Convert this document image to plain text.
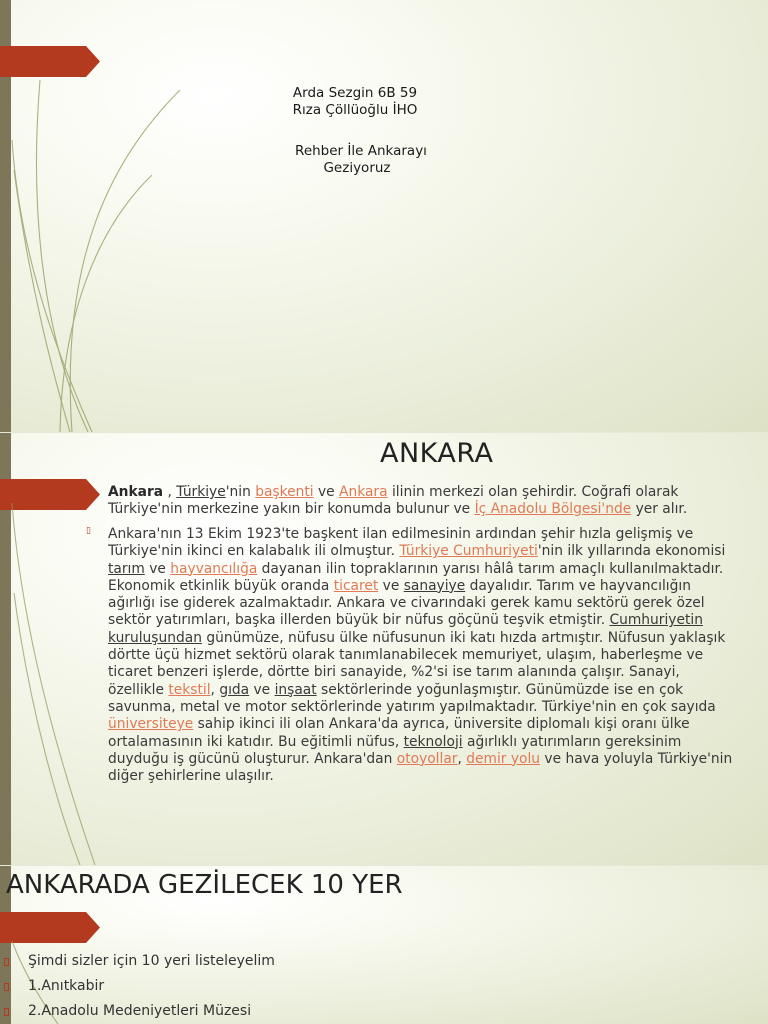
Arda Sezgin 6B 59
Rıza Çöllüoğlu İHO
Rehber İle Ankarayı
Geziyoruz
ANKARA
Ankara , Türkiye'nin başkenti ve Ankara ilinin merkezi olan şehirdir. Coğrafi olarak Türkiye'nin merkezine yakın bir konumda bulunur ve İç Anadolu Bölgesi'nde yer alır.
▯ Ankara'nın 13 Ekim 1923'te başkent ilan edilmesinin ardından şehir hızla gelişmiş ve Türkiye'nin ikinci en kalabalık ili olmuştur. Türkiye Cumhuriyeti'nin ilk yıllarında ekonomisi tarım ve hayvancılığa dayanan ilin topraklarının yarısı hâlâ tarım amaçlı kullanılmaktadır. Ekonomik etkinlik büyük oranda ticaret ve sanayiye dayalıdır. Tarım ve hayvancılığın ağırlığı ise giderek azalmaktadır. Ankara ve civarındaki gerek kamu sektörü gerek özel sektör yatırımları, başka illerden büyük bir nüfus göçünü teşvik etmiştir. Cumhuriyetin kuruluşundan günümüze, nüfusu ülke nüfusunun iki katı hızda artmıştır. Nüfusun yaklaşık dörtte üçü hizmet sektörü olarak tanımlanabilecek memuriyet, ulaşım, haberleşme ve ticaret benzeri işlerde, dörtte biri sanayide, %2'si ise tarım alanında çalışır. Sanayi, özellikle tekstil, gıda ve inşaat sektörlerinde yoğunlaşmıştır. Günümüzde ise en çok savunma, metal ve motor sektörlerinde yatırım yapılmaktadır. Türkiye'nin en çok sayıda üniversiteye sahip ikinci ili olan Ankara'da ayrıca, üniversite diplomalı kişi oranı ülke ortalamasının iki katıdır. Bu eğitimli nüfus, teknoloji ağırlıklı yatırımların gereksinim duyduğu iş gücünü oluşturur. Ankara'dan otoyollar, demir yolu ve hava yoluyla Türkiye'nin diğer şehirlerine ulaşılır.
ANKARADA GEZİLECEK 10 YER
Şimdi sizler için 10 yeri listeleyelim
1.Anıtkabir
2.Anadolu Medeniyetleri Müzesi
